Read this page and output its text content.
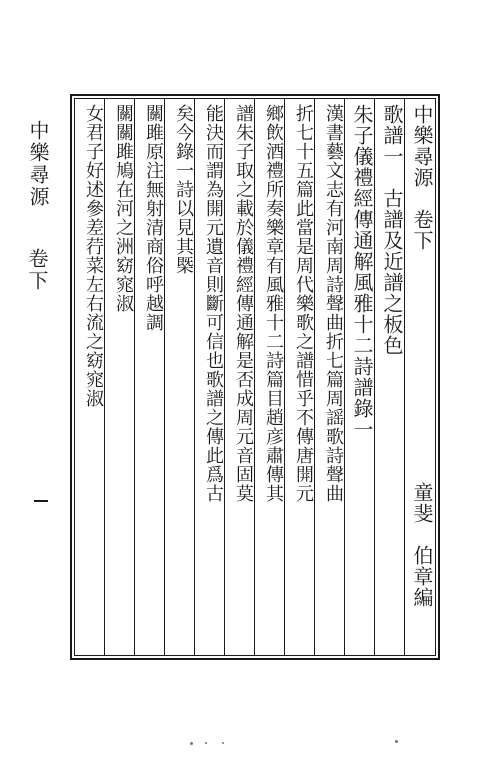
中樂尋源
卷下	中樂尋源　卷下　　　　　　　　　　　童斐　伯章編
歌譜一　古譜及近譜之板色
朱子儀禮經傳通解風雅十二詩譜錄一
漢書藝文志有河南周詩聲曲折七篇周謡歌詩聲曲
折七十五篇此當是周代樂歌之譜惜乎不傳唐開元
鄉飲酒禮所奏樂章有風雅十二詩篇目趙彦肅傳其
譜朱子取之載於儀禮經傳通解是否成周元音固莫
能決而謂為開元遺音則斷可信也歌譜之傳此爲古
矣今錄一詩以見其槩
關雎原注無射清商俗呼越調
關關雎鳩在河之洲窈窕淑
女君子好述參差荇菜左右流之窈窕淑
